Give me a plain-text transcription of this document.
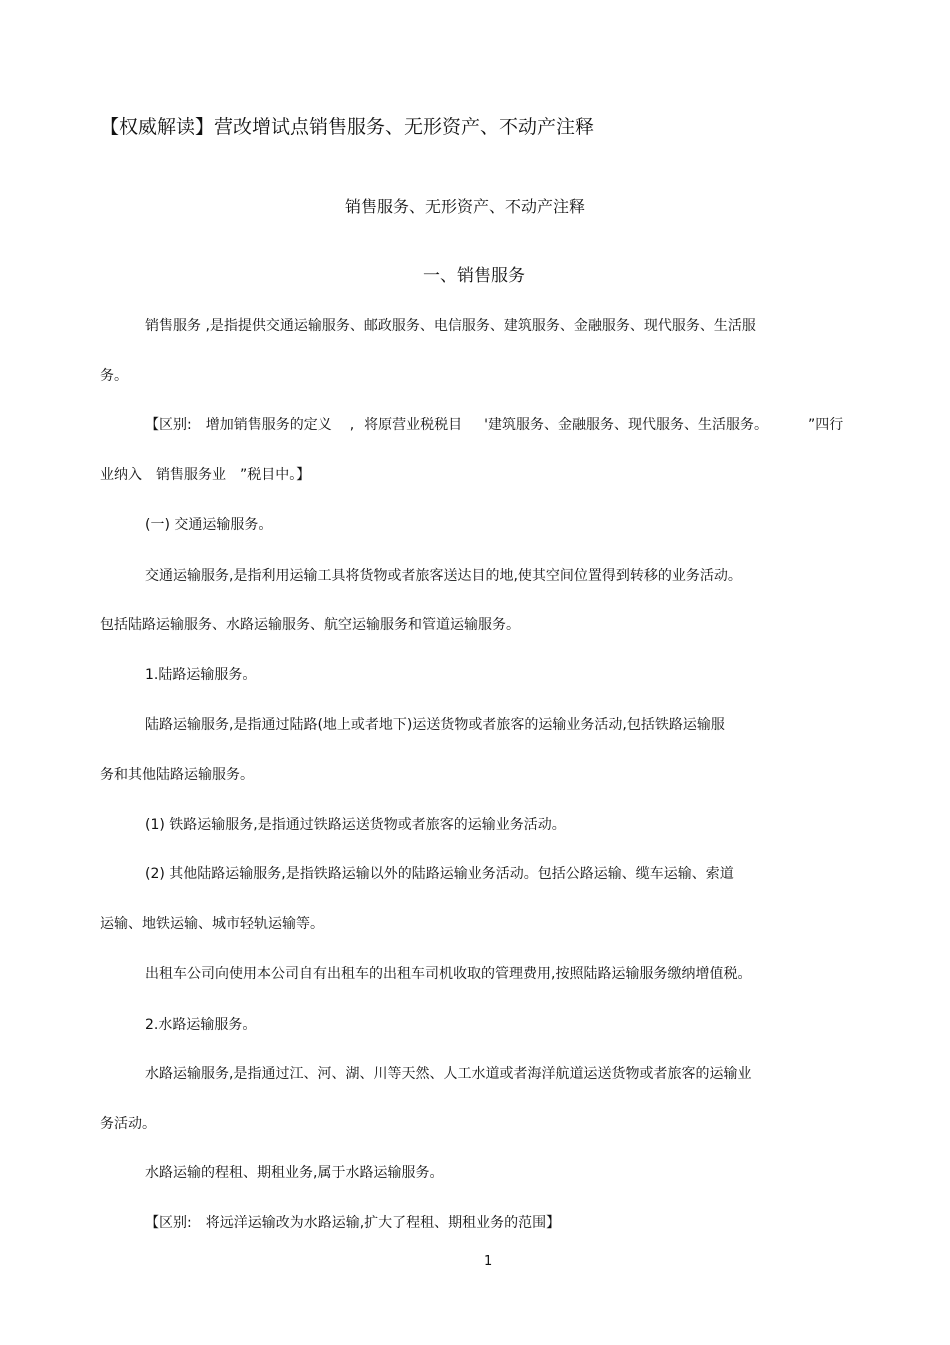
【权威解读】营改增试点销售服务、无形资产、不动产注释
销售服务、无形资产、不动产注释
一、销售服务
销售服务 ,是指提供交通运输服务、邮政服务、电信服务、建筑服务、金融服务、现代服务、生活服
务。
【区别: 增加销售服务的定义 , 将原营业税税目 '建筑服务、金融服务、现代服务、生活服务。	”四行
业纳入 销售服务业 ”税目中。】
(一) 交通运输服务。
交通运输服务,是指利用运输工具将货物或者旅客送达目的地,使其空间位置得到转移的业务活动。
包括陆路运输服务、水路运输服务、航空运输服务和管道运输服务。
1.陆路运输服务。
陆路运输服务,是指通过陆路(地上或者地下)运送货物或者旅客的运输业务活动,包括铁路运输服
务和其他陆路运输服务。
(1) 铁路运输服务,是指通过铁路运送货物或者旅客的运输业务活动。
(2) 其他陆路运输服务,是指铁路运输以外的陆路运输业务活动。包括公路运输、缆车运输、索道
运输、地铁运输、城市轻轨运输等。
出租车公司向使用本公司自有出租车的出租车司机收取的管理费用,按照陆路运输服务缴纳增值税。
2.水路运输服务。
水路运输服务,是指通过江、河、湖、川等天然、人工水道或者海洋航道运送货物或者旅客的运输业
务活动。
水路运输的程租、期租业务,属于水路运输服务。
【区别: 将远洋运输改为水路运输,扩大了程租、期租业务的范围】
1
